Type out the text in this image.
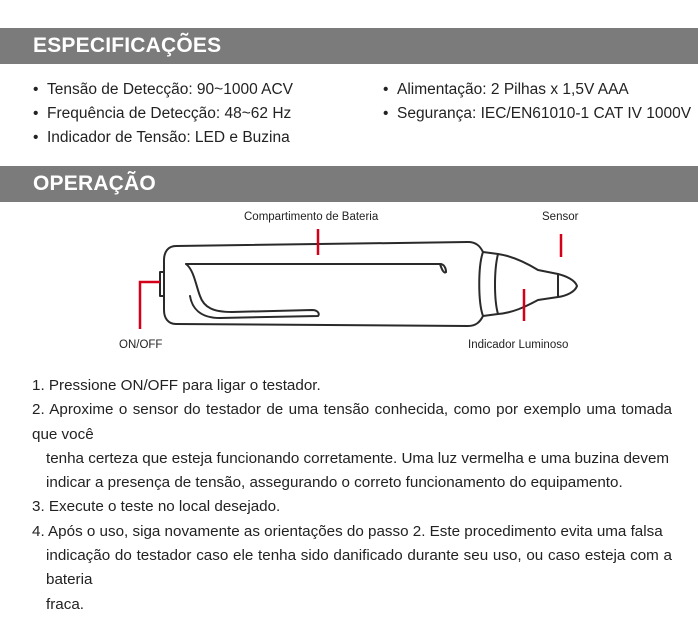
ESPECIFICAÇÕES
• Tensão de Detecção: 90~1000 ACV
• Frequência de Detecção: 48~62 Hz
• Indicador de Tensão: LED e Buzina
• Alimentação: 2 Pilhas x 1,5V AAA
• Segurança: IEC/EN61010-1 CAT IV 1000V
OPERAÇÃO
Compartimento de Bateria	Sensor
ON/OFF	Indicador Luminoso
1. Pressione ON/OFF para ligar o testador.
2. Aproxime o sensor do testador de uma tensão conhecida, como por exemplo uma tomada que você
tenha certeza que esteja funcionando corretamente. Uma luz vermelha e uma buzina devem
indicar a presença de tensão, assegurando o correto funcionamento do equipamento.
3. Execute o teste no local desejado.
4. Após o uso, siga novamente as orientações do passo 2. Este procedimento evita uma falsa
indicação do testador caso ele tenha sido danificado durante seu uso, ou caso esteja com a bateria
fraca.
